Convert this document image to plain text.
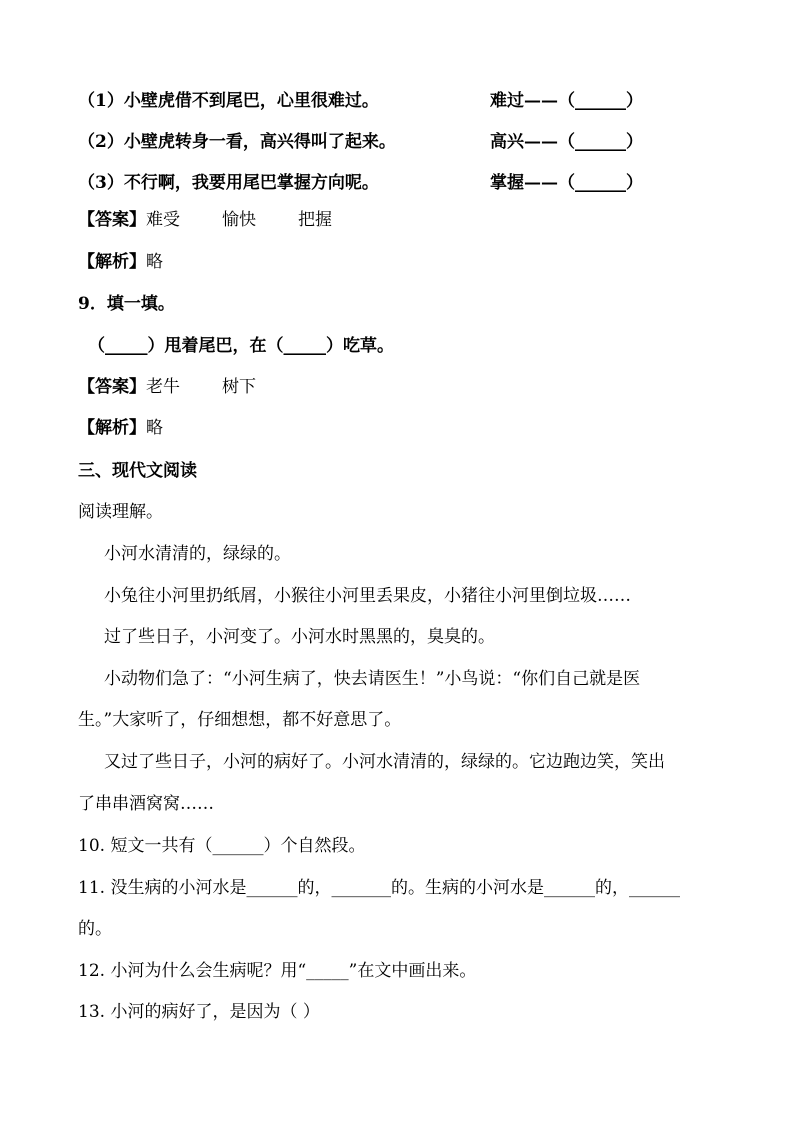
（1）小壁虎借不到尾巴，心里很难过。	难过——（______）
（2）小壁虎转身一看，高兴得叫了起来。	高兴——（______）
（3）不行啊，我要用尾巴掌握方向呢。	掌握——（______）
【答案】难受 愉快 把握
【解析】略
9．填一填。
（_____）甩着尾巴，在（_____）吃草。
【答案】老牛 树下
【解析】略
三、现代文阅读
阅读理解。
小河水清清的，绿绿的。
小兔往小河里扔纸屑，小猴往小河里丢果皮，小猪往小河里倒垃圾……
过了些日子，小河变了。小河水时黑黑的，臭臭的。
小动物们急了：“小河生病了，快去请医生！”小鸟说：“你们自己就是医
生。”大家听了，仔细想想，都不好意思了。
又过了些日子，小河的病好了。小河水清清的，绿绿的。它边跑边笑，笑出
了串串酒窝窝……
10. 短文一共有（______）个自然段。
11. 没生病的小河水是______的，_______的。生病的小河水是______的，______
的。
12. 小河为什么会生病呢？用“_____”在文中画出来。
13. 小河的病好了，是因为（ ）
